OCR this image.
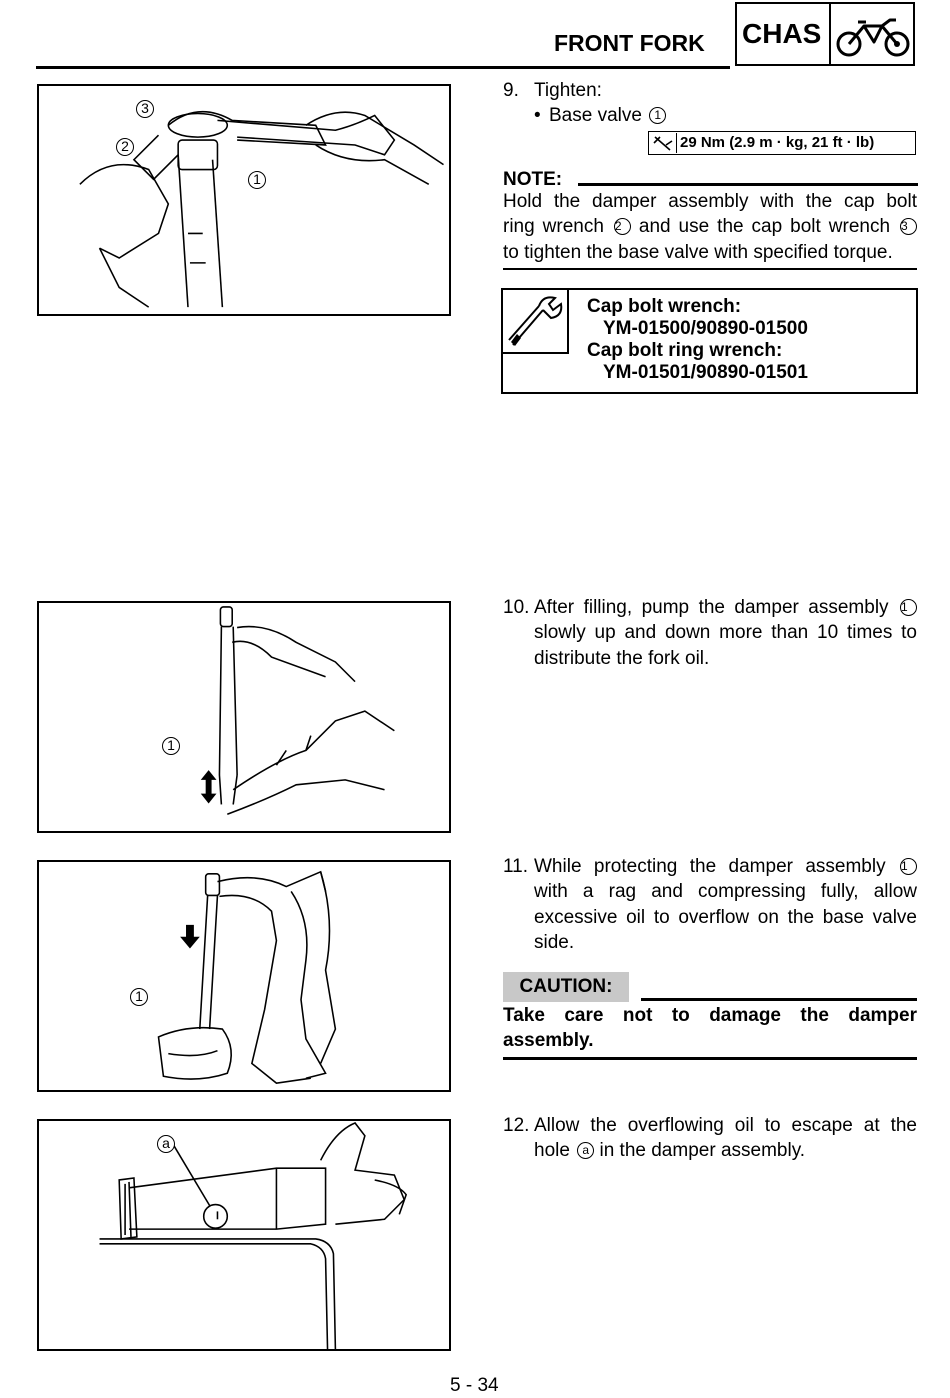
FRONT FORK CHAS
3
2
1
9. Tighten:
• Base valve 1
29 Nm (2.9 m · kg, 21 ft · lb)
NOTE:
Hold the damper assembly with the cap bolt
ring wrench 2 and use the cap bolt wrench 3
to tighten the base valve with specified torque.
Cap bolt wrench:
YM-01500/90890-01500
Cap bolt ring wrench:
YM-01501/90890-01501
1
10. After filling, pump the damper assembly 1
slowly up and down more than 10 times to
distribute the fork oil.
1
11. While protecting the damper assembly 1
with a rag and compressing fully, allow
excessive oil to overflow on the base valve
side.
CAUTION:
Take care not to damage the damper
assembly.
a
12. Allow the overflowing oil to escape at the
hole a in the damper assembly.
5 - 34
